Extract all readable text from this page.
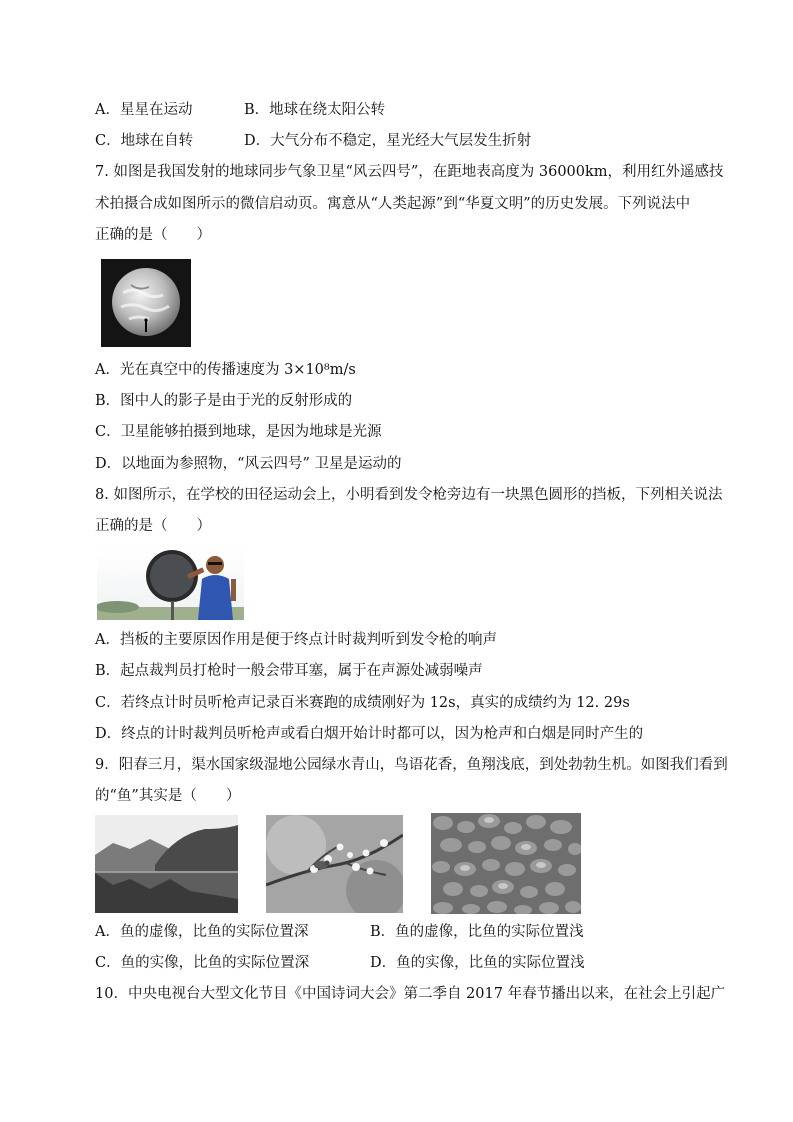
A．星星在运动	B．地球在绕太阳公转
C．地球在自转	D．大气分布不稳定，星光经大气层发生折射
7. 如图是我国发射的地球同步气象卫星“风云四号”，在距地表高度为 36000km，利用红外遥感技
术拍摄合成如图所示的微信启动页。寓意从“人类起源”到“华夏文明”的历史发展。下列说法中
正确的是（　　）
A．光在真空中的传播速度为 3×10⁸m/s
B．图中人的影子是由于光的反射形成的
C．卫星能够拍摄到地球，是因为地球是光源
D．以地面为参照物，“风云四号” 卫星是运动的
8. 如图所示，在学校的田径运动会上，小明看到发令枪旁边有一块黑色圆形的挡板，下列相关说法
正确的是（　　）
A．挡板的主要原因作用是便于终点计时裁判听到发令枪的响声
B．起点裁判员打枪时一般会带耳塞，属于在声源处减弱噪声
C．若终点计时员听枪声记录百米赛跑的成绩刚好为 12s，真实的成绩约为 12. 29s
D．终点的计时裁判员听枪声或看白烟开始计时都可以，因为枪声和白烟是同时产生的
9．阳春三月，渠水国家级湿地公园绿水青山，鸟语花香，鱼翔浅底，到处勃勃生机。如图我们看到
的“鱼”其实是（　　）
A．鱼的虚像，比鱼的实际位置深	B．鱼的虚像，比鱼的实际位置浅
C．鱼的实像，比鱼的实际位置深	D．鱼的实像，比鱼的实际位置浅
10．中央电视台大型文化节目《中国诗词大会》第二季自 2017 年春节播出以来，在社会上引起广
